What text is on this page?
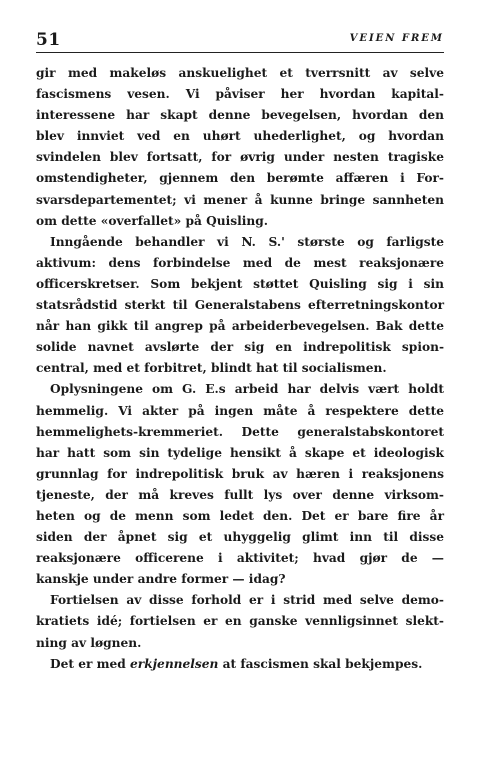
51	VEIEN FREM
gir med makeløs anskuelighet et tverrsnitt av selve
fascismens vesen. Vi påviser her hvordan kapital-
interessene har skapt denne bevegelsen, hvordan den
blev innviet ved en uhørt uhederlighet, og hvordan
svindelen blev fortsatt, for øvrig under nesten tragiske
omstendigheter, gjennem den berømte affæren i For-
svarsdepartementet; vi mener å kunne bringe sannheten
om dette «overfallet» på Quisling.
Inngående behandler vi N. S.' største og farligste
aktivum: dens forbindelse med de mest reaksjonære
officerskretser. Som bekjent støttet Quisling sig i sin
statsrådstid sterkt til Generalstabens efterretningskontor
når han gikk til angrep på arbeiderbevegelsen. Bak dette
solide navnet avslørte der sig en indrepolitisk spion-
central, med et forbitret, blindt hat til socialismen.
Oplysningene om G. E.s arbeid har delvis vært holdt
hemmelig. Vi akter på ingen måte å respektere dette
hemmelighets-kremmeriet. Dette generalstabskontoret
har hatt som sin tydelige hensikt å skape et ideologisk
grunnlag for indrepolitisk bruk av hæren i reaksjonens
tjeneste, der må kreves fullt lys over denne virksom-
heten og de menn som ledet den. Det er bare fire år
siden der åpnet sig et uhyggelig glimt inn til disse
reaksjonære officerene i aktivitet; hvad gjør de —
kanskje under andre former — idag?
Fortielsen av disse forhold er i strid med selve demo-
kratiets idé; fortielsen er en ganske vennligsinnet slekt-
ning av løgnen.
Det er med erkjennelsen at fascismen skal bekjempes.
